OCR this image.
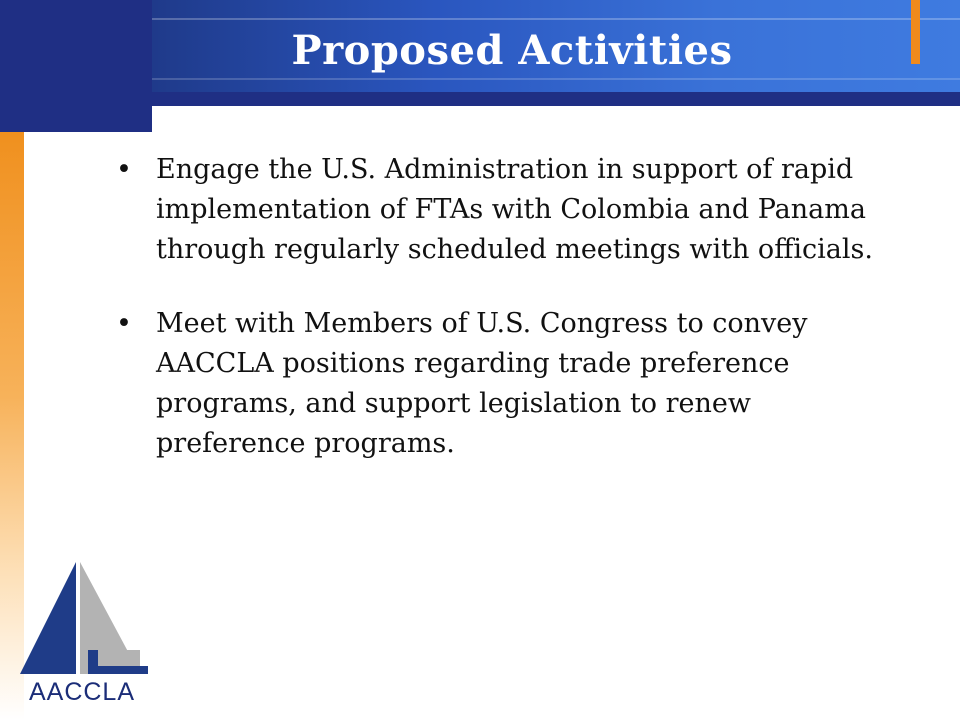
Proposed Activities
• Engage the U.S. Administration in support of rapid implementation of FTAs with Colombia and Panama through regularly scheduled meetings with officials.
• Meet with Members of U.S. Congress to convey AACCLA positions regarding trade preference programs, and support legislation to renew preference programs.
AACCLA
